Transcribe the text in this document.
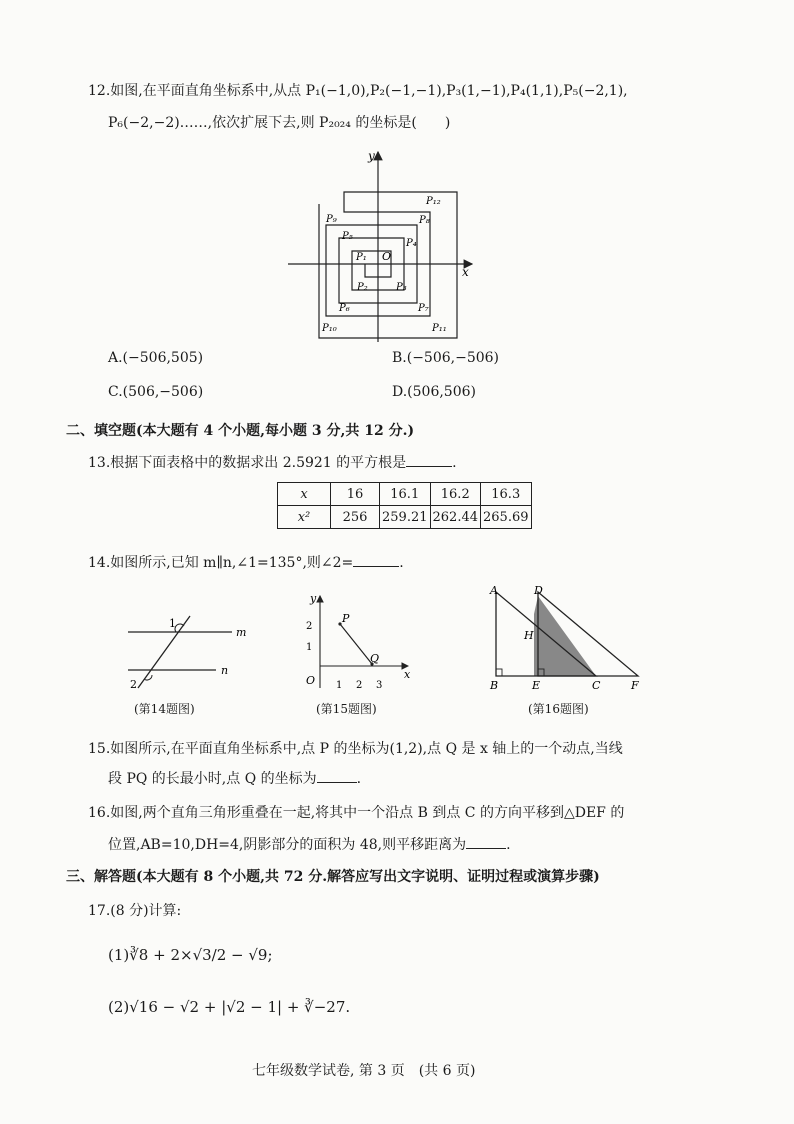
12.如图,在平面直角坐标系中,从点 P₁(−1,0),P₂(−1,−1),P₃(1,−1),P₄(1,1),P₅(−2,1),
P₆(−2,−2)……,依次扩展下去,则 P₂₀₂₄ 的坐标是(　　)
y
x
O
P₁
P₂	P₃
P₄
P₅
P₆	P₇
P₈
P₉
P₁₀	P₁₁
P₁₂
A.(−506,505)	B.(−506,−506)
C.(506,−506)	D.(506,506)
二、填空题(本大题有 4 个小题,每小题 3 分,共 12 分.)
13.根据下面表格中的数据求出 2.5921 的平方根是	.
x	16	16.1	16.2	16.3
x²	256	259.21	262.44	265.69
14.如图所示,已知 m∥n,∠1=135°,则∠2=	.
1
2
m
n
(第14题图)
y
x
O
P
Q
1 2 3
1
2
(第15题图)
A	D
H
B	E	C	F
(第16题图)
15.如图所示,在平面直角坐标系中,点 P 的坐标为(1,2),点 Q 是 x 轴上的一个动点,当线
段 PQ 的长最小时,点 Q 的坐标为	.
16.如图,两个直角三角形重叠在一起,将其中一个沿点 B 到点 C 的方向平移到△DEF 的
位置,AB=10,DH=4,阴影部分的面积为 48,则平移距离为	.
三、解答题(本大题有 8 个小题,共 72 分.解答应写出文字说明、证明过程或演算步骤)
17.(8 分)计算:
(1)∛8 + 2×√3/2 − √9;
(2)√16 − √2 + |√2 − 1| + ∛−27.
七年级数学试卷, 第 3 页　(共 6 页)
